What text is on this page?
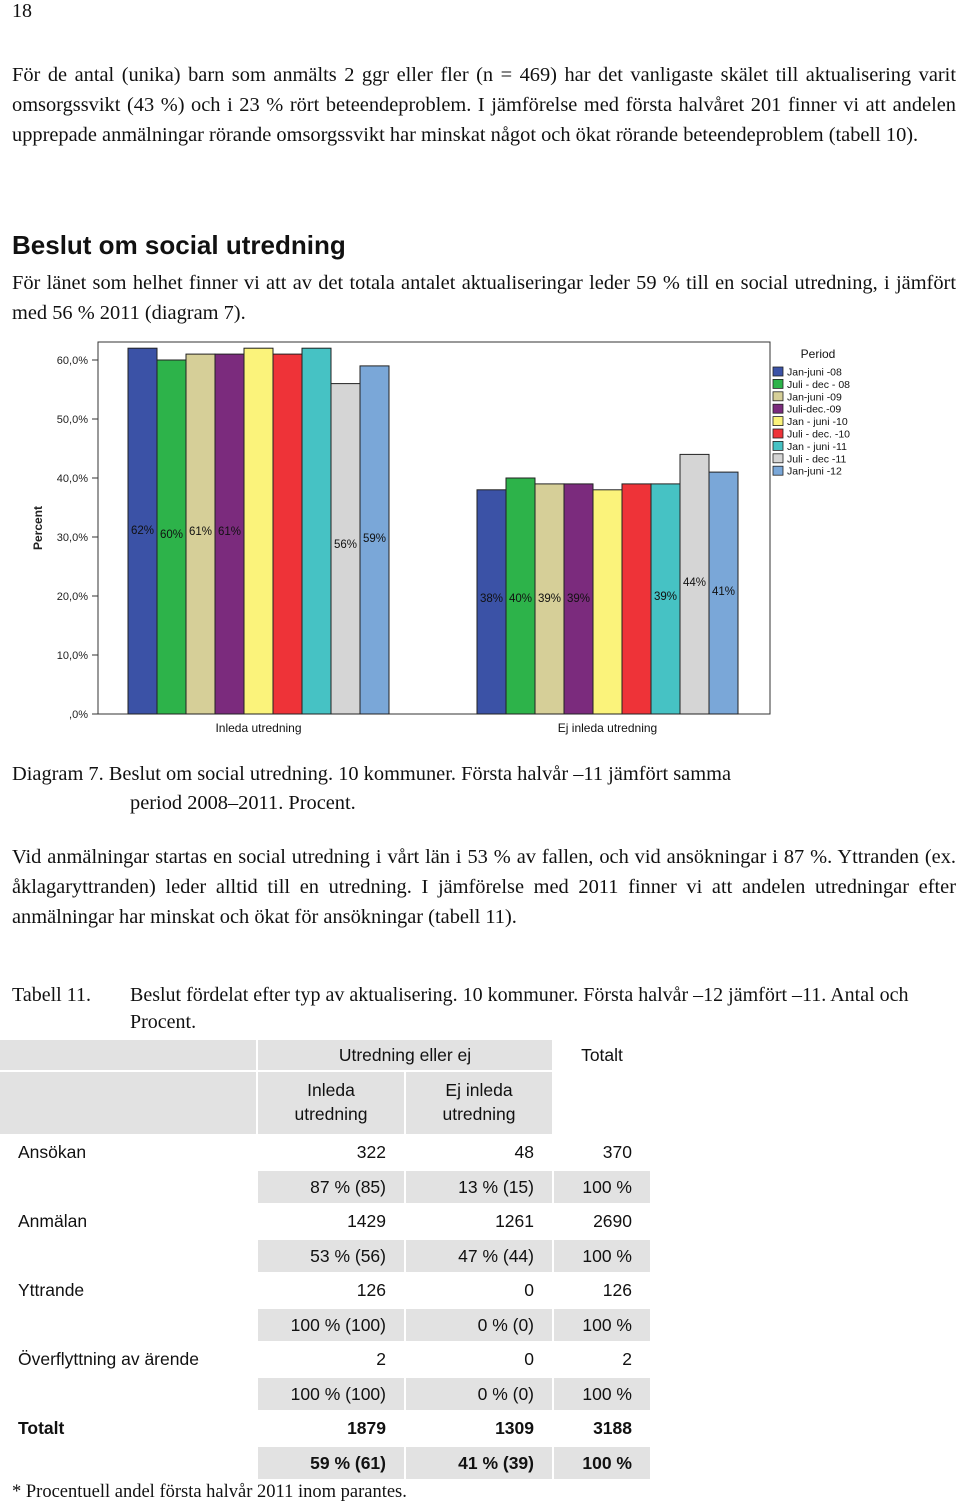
18

För de antal (unika) barn som anmälts 2 ggr eller fler (n = 469) har det vanligaste skälet till aktualisering varit omsorgssvikt (43 %) och i 23 % rört beteendeproblem. I jämförelse med första halvåret 201 finner vi att andelen upprepade anmälningar rörande omsorgssvikt har minskat något och ökat rörande beteendeproblem (tabell 10).

Beslut om social utredning

För länet som helhet finner vi att av det totala antalet aktualiseringar leder 59 % till en social utredning, i jämfört med 56 % 2011 (diagram 7).

,0%
10,0%
20,0%
30,0%
40,0%
50,0%
60,0%
Percent	62%
38%
60%
40%
61%
39%
61%
39%	39%
56%
44%
59%
41%
Inleda utredning	Ej inleda utredning
Period
Jan-juni -08
Juli - dec - 08
Jan-juni -09
Juli-dec.-09
Jan - juni -10
Juli - dec. -10
Jan - juni -11
Juli - dec -11
Jan-juni -12

Diagram 7. Beslut om social utredning. 10 kommuner. Första halvår –11 jämfört samma
period 2008–2011. Procent.

Vid anmälningar startas en social utredning i vårt län i 53 % av fallen, och vid ansökningar i 87 %. Yttranden (ex. åklagaryttranden) leder alltid till en utredning. I jämförelse med 2011 finner vi att andelen utredningar efter anmälningar har minskat och ökat för ansökningar (tabell 11).

Tabell 11. Beslut fördelat efter typ av aktualisering. 10 kommuner. Första halvår –12 jämfört –11. Antal och Procent.
Utredning eller ej	Totalt
Inleda utredning
Ej inleda utredning
Ansökan	322	48	370
87 % (85)	13 % (15)	100 %
Anmälan	1429	1261	2690
53 % (56)	47 % (44)	100 %
Yttrande	126	0	126
100 % (100)	0 % (0)	100 %
Överflyttning av ärende	2	0	2
100 % (100)	0 % (0)	100 %
Totalt	1879	1309	3188
59 % (61)	41 % (39)	100 %

* Procentuell andel första halvår 2011 inom parantes.
